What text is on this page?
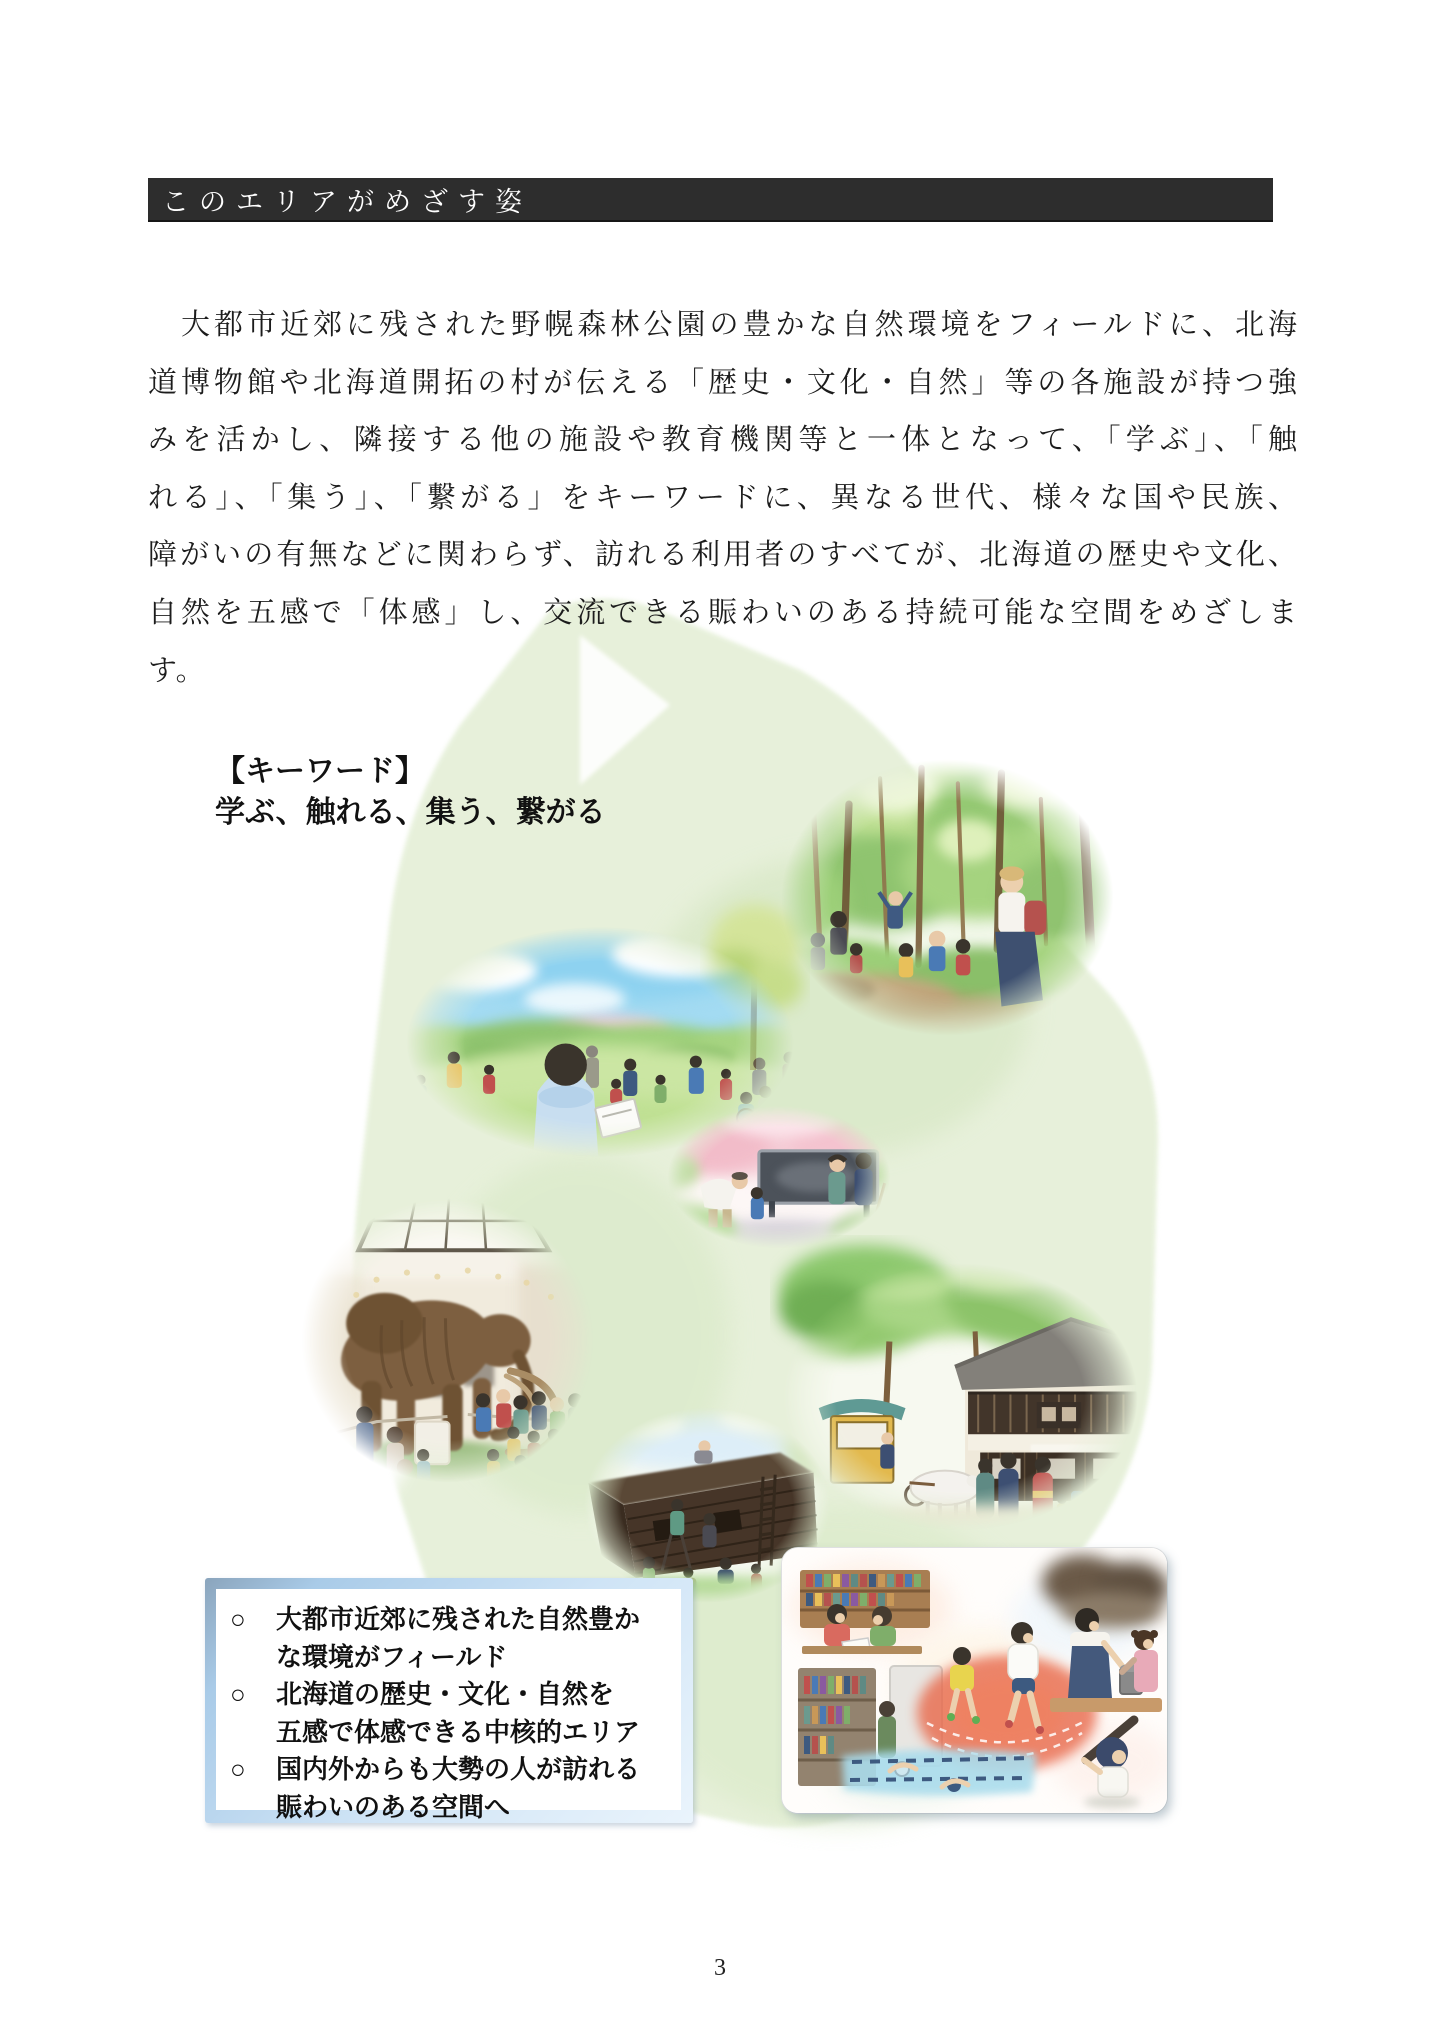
○	大都市近郊に残された自然豊か
な環境がフィールド
○	北海道の歴史・文化・自然を
五感で体感できる中核的エリア
○	国内外からも大勢の人が訪れる
賑わいのある空間へ
このエリアがめざす姿
　大都市近郊に残された野幌森林公園の豊かな自然環境をフィールドに、北海
道博物館や北海道開拓の村が伝える「歴史・文化・自然」等の各施設が持つ強
みを活かし、隣接する他の施設や教育機関等と一体となって、「学ぶ」、「触
れる」、「集う」、「繋がる」をキーワードに、異なる世代、様々な国や民族、
障がいの有無などに関わらず、訪れる利用者のすべてが、北海道の歴史や文化、
自然を五感で「体感」し、交流できる賑わいのある持続可能な空間をめざしま
す。
【キーワード】
学ぶ、触れる、集う、繋がる
3
